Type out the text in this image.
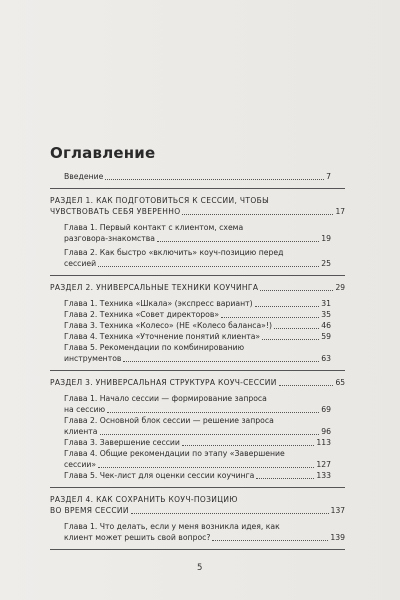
Оглавление
Введение	7
РАЗДЕЛ 1. КАК ПОДГОТОВИТЬСЯ К СЕССИИ, ЧТОБЫ
ЧУВСТВОВАТЬ СЕБЯ УВЕРЕННО	17
Глава 1. Первый контакт с клиентом, схема
разговора-знакомства	19
Глава 2. Как быстро «включить» коуч-позицию перед
сессией	25
РАЗДЕЛ 2. УНИВЕРСАЛЬНЫЕ ТЕХНИКИ КОУЧИНГА	29
Глава 1. Техника «Шкала» (экспресс вариант)	31
Глава 2. Техника «Совет директоров»	35
Глава 3. Техника «Колесо» (НЕ «Колесо баланса»!)	46
Глава 4. Техника «Уточнение понятий клиента»	59
Глава 5. Рекомендации по комбинированию
инструментов	63
РАЗДЕЛ 3. УНИВЕРСАЛЬНАЯ СТРУКТУРА КОУЧ-СЕССИИ	65
Глава 1. Начало сессии — формирование запроса
на сессию	69
Глава 2. Основной блок сессии — решение запроса
клиента	96
Глава 3. Завершение сессии	113
Глава 4. Общие рекомендации по этапу «Завершение
сессии»	127
Глава 5. Чек-лист для оценки сессии коучинга	133
РАЗДЕЛ 4. КАК СОХРАНИТЬ КОУЧ-ПОЗИЦИЮ
ВО ВРЕМЯ СЕССИИ	137
Глава 1. Что делать, если у меня возникла идея, как
клиент может решить свой вопрос?	139
5
